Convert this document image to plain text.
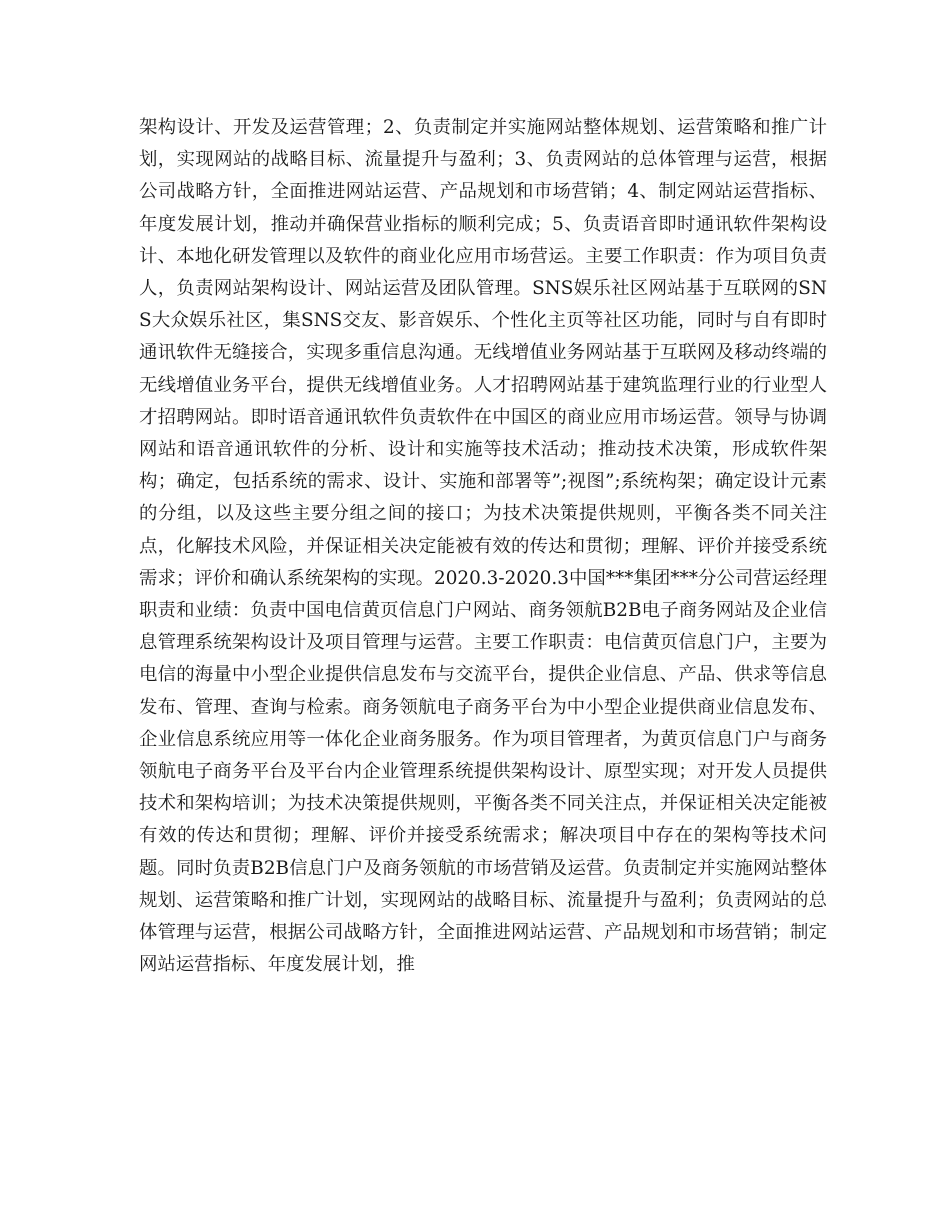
架构设计、开发及运营管理；2、负责制定并实施网站整体规划、运营策略和推广计划，实现网站的战略目标、流量提升与盈利；3、负责网站的总体管理与运营，根据公司战略方针，全面推进网站运营、产品规划和市场营销；4、制定网站运营指标、年度发展计划，推动并确保营业指标的顺利完成；5、负责语音即时通讯软件架构设计、本地化研发管理以及软件的商业化应用市场营运。主要工作职责：作为项目负责人，负责网站架构设计、网站运营及团队管理。SNS娱乐社区网站基于互联网的SNS大众娱乐社区，集SNS交友、影音娱乐、个性化主页等社区功能，同时与自有即时通讯软件无缝接合，实现多重信息沟通。无线增值业务网站基于互联网及移动终端的无线增值业务平台，提供无线增值业务。人才招聘网站基于建筑监理行业的行业型人才招聘网站。即时语音通讯软件负责软件在中国区的商业应用市场运营。领导与协调网站和语音通讯软件的分析、设计和实施等技术活动；推动技术决策，形成软件架构；确定，包括系统的需求、设计、实施和部署等”;视图”;系统构架；确定设计元素的分组，以及这些主要分组之间的接口；为技术决策提供规则，平衡各类不同关注点，化解技术风险，并保证相关决定能被有效的传达和贯彻；理解、评价并接受系统需求；评价和确认系统架构的实现。2020.3-2020.3中国***集团***分公司营运经理职责和业绩：负责中国电信黄页信息门户网站、商务领航B2B电子商务网站及企业信息管理系统架构设计及项目管理与运营。主要工作职责：电信黄页信息门户，主要为电信的海量中小型企业提供信息发布与交流平台，提供企业信息、产品、供求等信息发布、管理、查询与检索。商务领航电子商务平台为中小型企业提供商业信息发布、企业信息系统应用等一体化企业商务服务。作为项目管理者，为黄页信息门户与商务领航电子商务平台及平台内企业管理系统提供架构设计、原型实现；对开发人员提供技术和架构培训；为技术决策提供规则，平衡各类不同关注点，并保证相关决定能被有效的传达和贯彻；理解、评价并接受系统需求；解决项目中存在的架构等技术问题。同时负责B2B信息门户及商务领航的市场营销及运营。负责制定并实施网站整体规划、运营策略和推广计划，实现网站的战略目标、流量提升与盈利；负责网站的总体管理与运营，根据公司战略方针，全面推进网站运营、产品规划和市场营销；制定网站运营指标、年度发展计划，推
